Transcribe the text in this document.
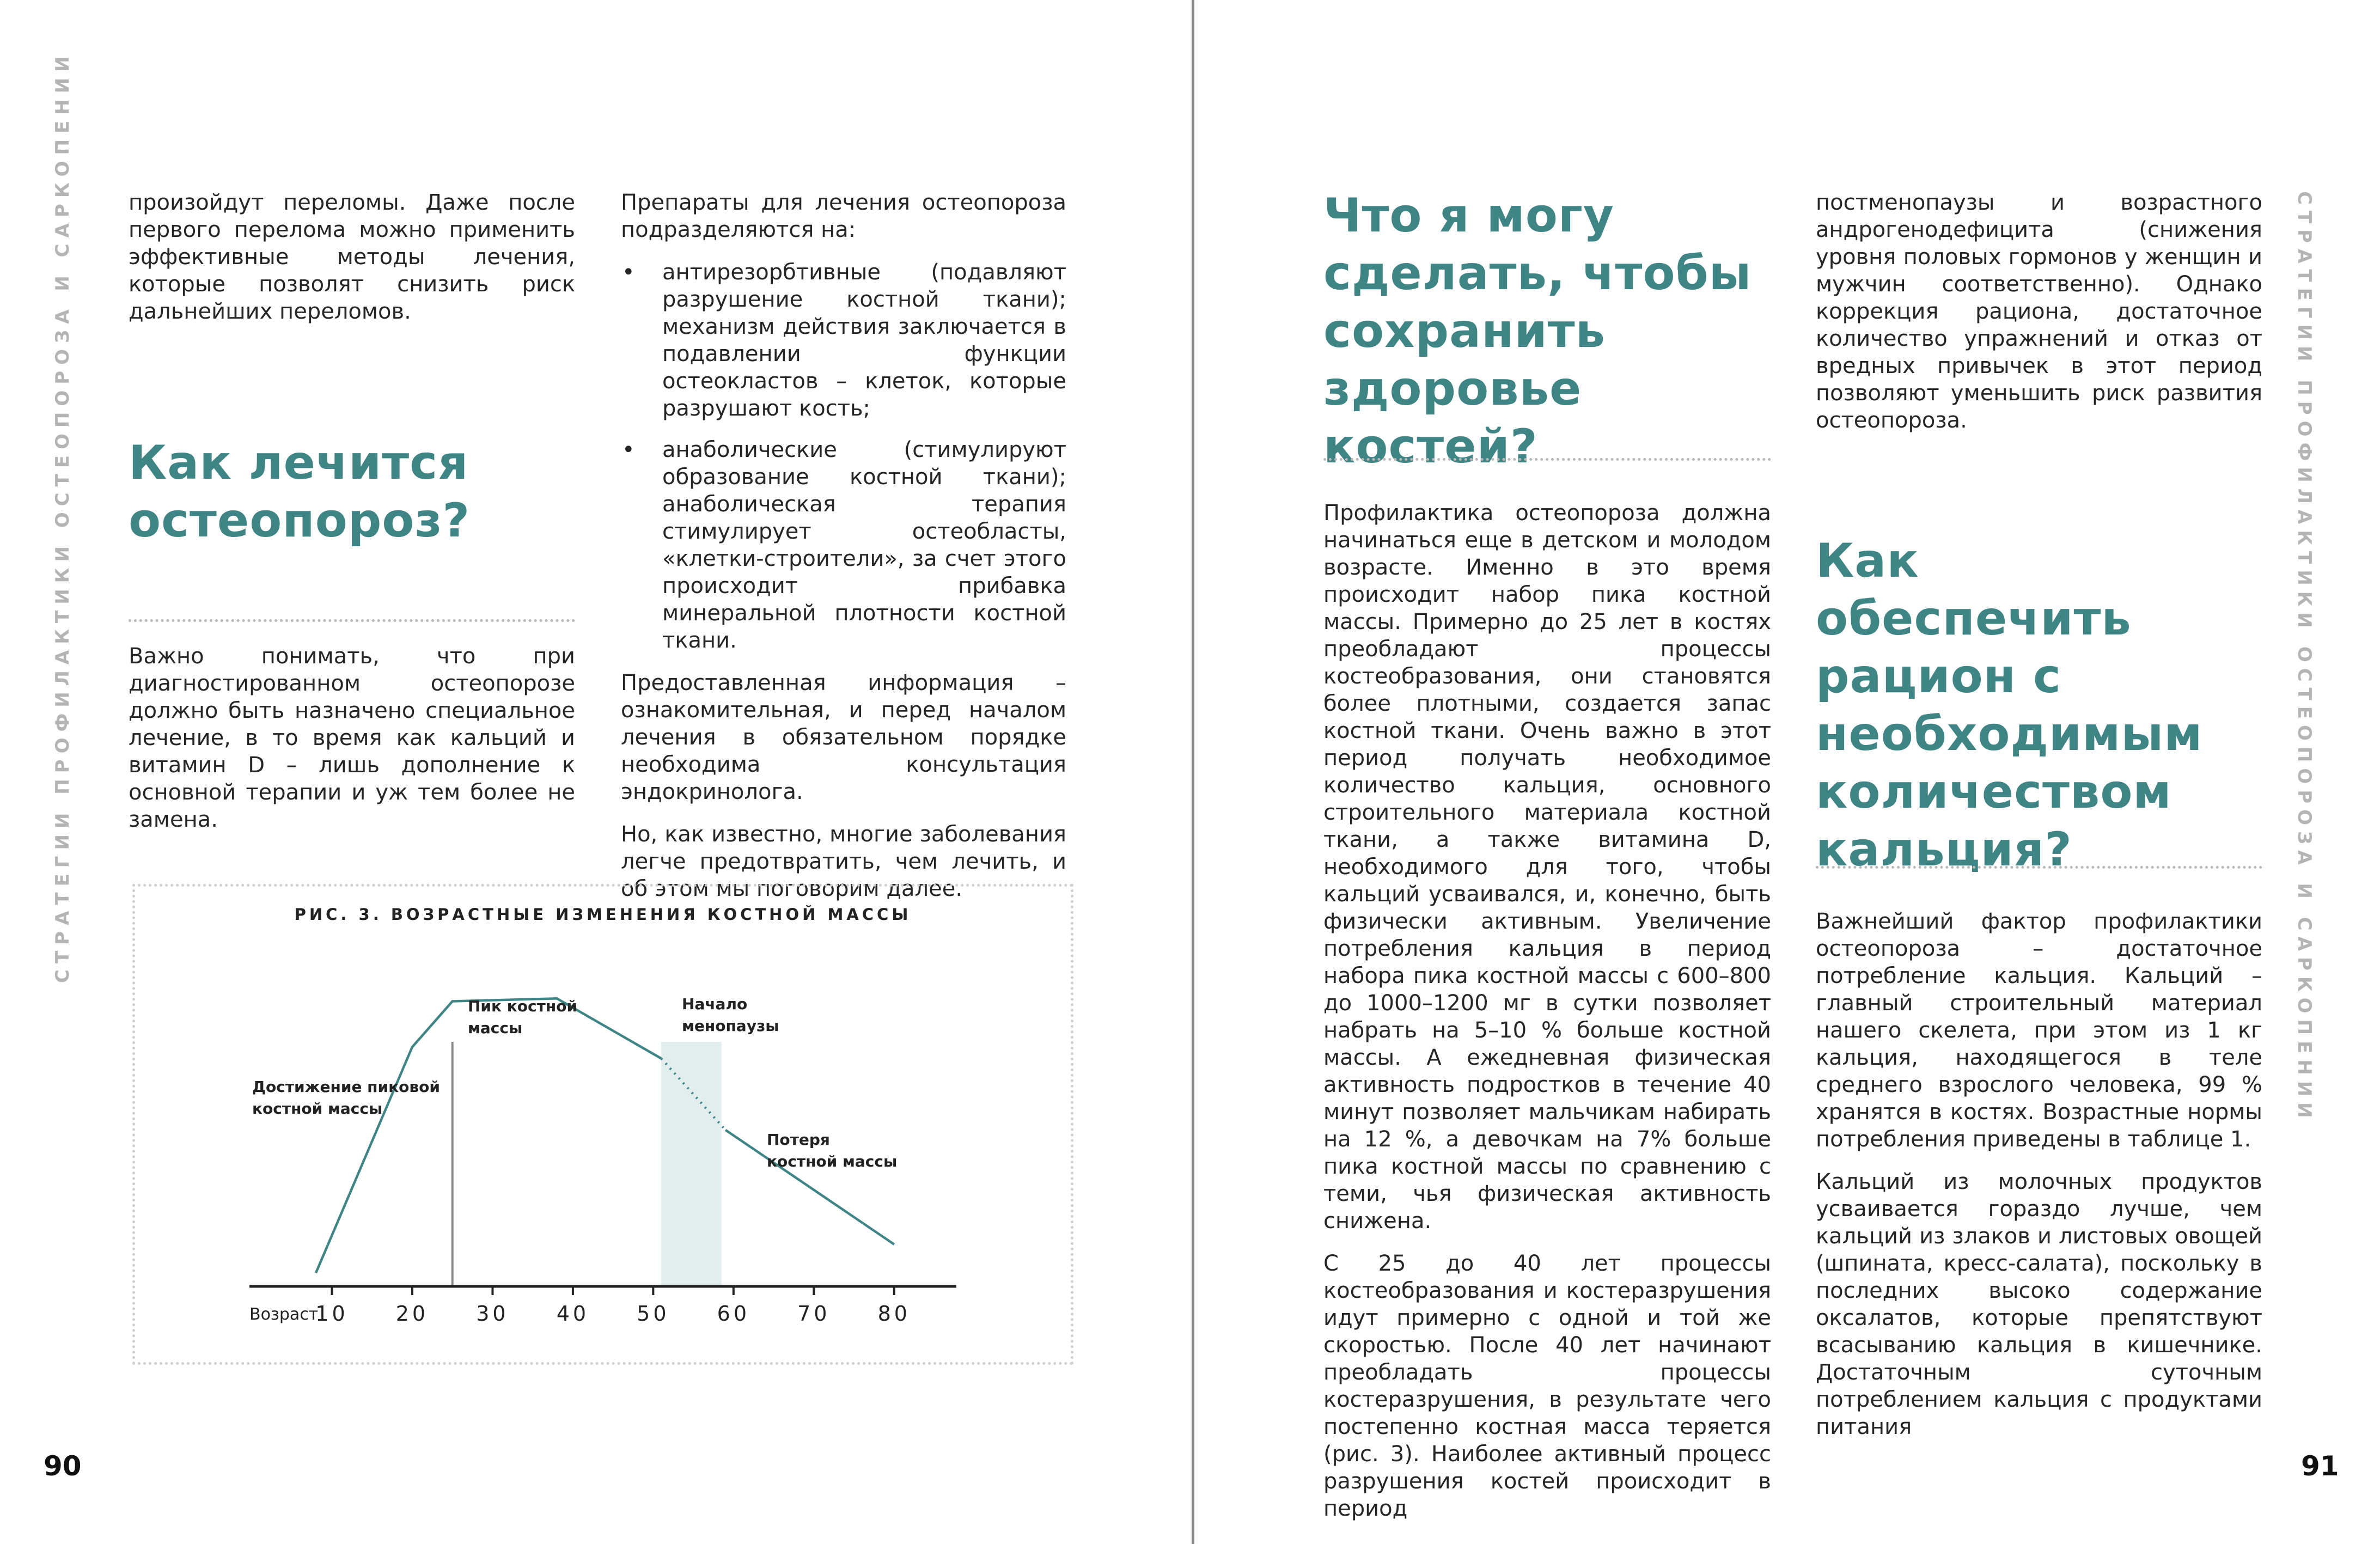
СТРАТЕГИИ ПРОФИЛАКТИКИ ОСТЕОПОРОЗА И САРКОПЕНИИ	произойдут переломы. Даже после первого перелома можно применить эффективные методы лечения, которые позволят снизить риск дальнейших переломов.

Как лечится остеопороз?

Важно понимать, что при диагностированном остеопорозе должно быть назначено специальное лечение, в то время как кальций и витамин D – лишь дополнение к основной терапии и уж тем более не замена.

Препараты для лечения остеопороза подразделяются на:

• антирезорбтивные (подавляют разрушение костной ткани); механизм действия заключается в подавлении функции остеокластов – клеток, которые разрушают кость;
• анаболические (стимулируют образование костной ткани); анаболическая терапия стимулирует остеобласты, «клетки-строители», за счет этого происходит прибавка минеральной плотности костной ткани.

Предоставленная информация – ознакомительная, и перед началом лечения в обязательном порядке необходима консультация эндокринолога.

Но, как известно, многие заболевания легче предотвратить, чем лечить, и об этом мы поговорим далее.

РИС. 3. ВОЗРАСТНЫЕ ИЗМЕНЕНИЯ КОСТНОЙ МАССЫ
10 20 30 40 50 60 70 80
Возраст
Достижение пиковой костной массы
Пик костной массы
Начало менопаузы
Потеря костной массы
90
Что я могу сделать, чтобы сохранить здоровье костей?

Профилактика остеопороза должна начинаться еще в детском и молодом возрасте. Именно в это время происходит набор пика костной массы. Примерно до 25 лет в костях преобладают процессы костеобразования, они становятся более плотными, создается запас костной ткани. Очень важно в этот период получать необходимое количество кальция, основного строительного материала костной ткани, а также витамина D, необходимого для того, чтобы кальций усваивался, и, конечно, быть физически активным. Увеличение потребления кальция в период набора пика костной массы с 600–800 до 1000–1200 мг в сутки позволяет набрать на 5–10 % больше костной массы. А ежедневная физическая активность подростков в течение 40 минут позволяет мальчикам набирать на 12 %, а девочкам на 7% больше пика костной массы по сравнению с теми, чья физическая активность снижена.

С 25 до 40 лет процессы костеобразования и костеразрушения идут примерно с одной и той же скоростью. После 40 лет начинают преобладать процессы костеразрушения, в результате чего постепенно костная масса теряется (рис. 3). Наиболее активный процесс разрушения костей происходит в период

постменопаузы и возрастного андрогенодефицита (снижения уровня половых гормонов у женщин и мужчин соответственно). Однако коррекция рациона, достаточное количество упражнений и отказ от вредных привычек в этот период позволяют уменьшить риск развития остеопороза.

Как обеспечить рацион с необходимым количеством кальция?

Важнейший фактор профилактики остеопороза – достаточное потребление кальция. Кальций – главный строительный материал нашего скелета, при этом из 1 кг кальция, находящегося в теле среднего взрослого человека, 99 % хранятся в костях. Возрастные нормы потребления приведены в таблице 1.

Кальций из молочных продуктов усваивается гораздо лучше, чем кальций из злаков и листовых овощей (шпината, кресс-салата), поскольку в последних высоко содержание оксалатов, которые препятствуют всасыванию кальция в кишечнике. Достаточным суточным потреблением кальция с продуктами питания

СТРАТЕГИИ ПРОФИЛАКТИКИ ОСТЕОПОРОЗА И САРКОПЕНИИ
91
